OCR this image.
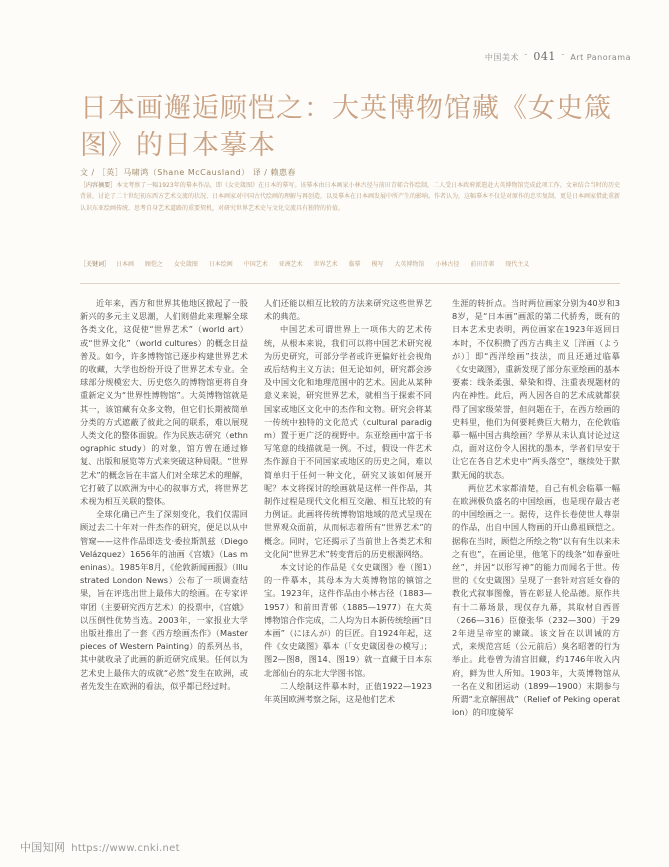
中国美术 ¯ 041 ¯ Art Panorama
日本画邂逅顾恺之：大英博物馆藏《女史箴图》的日本摹本
文 / ［英］马啸鸿（Shane McCausland） 译 / 赖惠春

［内容摘要］本文考察了一幅1923年的摹本作品，即《女史箴图》在日本的摹写。该摹本由日本画家小林古径与前田青邨合作绘制，二人受日本政府派遣赴大英博物馆完成此项工作。文章结合当时的历史背景，讨论了二十世纪初东西方艺术交流的状况、日本画家对中国古代绘画的理解与再创造，以及摹本在日本画发展中所产生的影响。作者认为，这幅摹本不仅是对原作的忠实复制，更是日本画家借此重新认识东亚绘画传统、思考自身艺术道路的重要契机，对研究世界艺术史与文化交流具有独特的价值。

［关键词］ 日本画 顾恺之 女史箴图 日本绘画 中国艺术 亚洲艺术 世界艺术 临摹 模写 大英博物馆 小林古径 前田青邨 现代主义

近年来，西方和世界其他地区掀起了一股新兴的多元主义思潮，人们则借此来理解全球各类文化，这促使“世界艺术”（world art）或“世界文化”（world cultures）的概念日益普及。如今，许多博物馆已逐步构建世界艺术的收藏，大学也纷纷开设了世界艺术专业。全球部分规模宏大、历史悠久的博物馆更将自身重新定义为“世界性博物馆”。大英博物馆就是其一，该馆藏有众多文物，但它们长期被简单分类的方式遮蔽了彼此之间的联系，难以展现人类文化的整体面貌。作为民族志研究（ethnographic study）的对象，馆方曾在通过修复、出版和展览等方式来突破这种局限。“世界艺术”的概念旨在丰富人们对全球艺术的理解，它打破了以欧洲为中心的叙事方式，将世界艺术视为相互关联的整体。

全球化确已产生了深刻变化，我们仅需回顾过去二十年对一件杰作的研究，便足以从中管窥——这件作品即迭戈·委拉斯凯兹（Diego Velázquez）1656年的油画《宫娥》（Las meninas）。1985年8月，《伦敦新闻画报》（Illustrated London News）公布了一项调查结果，旨在评选出世上最伟大的绘画。在专家评审团（主要研究西方艺术）的投票中，《宫娥》以压倒性优势当选。2003年，一家报业大学出版社推出了一套《西方绘画杰作》（Masterpieces of Western Painting）的系列丛书，其中就收录了此画的新近研究成果。任何以为艺术史上最伟大的成就“必然”发生在欧洲，或者先发生在欧洲的看法，似乎都已经过时。

人们还能以相互比较的方法来研究这些世界艺术的典范。

中国艺术可谓世界上一项伟大的艺术传统，从根本来说，我们可以将中国艺术研究视为历史研究，可部分学者或许更偏好社会视角或后结构主义方法；但无论如何，研究都会涉及中国文化和地理范围中的艺术。因此从某种意义来说，研究世界艺术，就相当于探索不同国家或地区文化中的杰作和文物。研究会将某一传统中独特的文化范式（cultural paradigm）置于更广泛的视野中。东亚绘画中富于书写笔意的线描就是一例。不过，假设一件艺术杰作源自于不同国家或地区的历史之间，难以简单归于任何一种文化，研究又该如何展开呢？本文将探讨的绘画就是这样一件作品，其制作过程是现代文化相互交融、相互比较的有力例证。此画将传统博物馆地域的范式呈现在世界观众面前，从而标志着所有“世界艺术”的概念。同时，它还揭示了当前世上各类艺术和文化间“世界艺术”转变背后的历史根源网络。

本文讨论的作品是《女史箴图》卷（图1）的一件摹本，其母本为大英博物馆的镇馆之宝。1923年，这件作品由小林古径（1883—1957）和前田青邨（1885—1977）在大英博物馆合作完成，二人均为日本新传统绘画“日本画”（にほんが）的巨匠。自1924年起，这件《女史箴图》摹本（「女史箴図巻の模写」；图2—图8，图14、图19）就一直藏于日本东北部仙台的东北大学图书馆。

二人绘制这件摹本时，正值1922—1923年英国欧洲考察之际，这是他们艺术

生涯的转折点。当时两位画家分别为40岁和38岁，是“日本画”画派的第二代骄秀，既有的日本艺术史表明，两位画家在1923年返回日本时，不仅积攒了西方古典主义［洋画（ようが）］即“西洋绘画”技法，而且还通过临摹《女史箴图》，重新发现了部分东亚绘画的基本要素：线条柔强、晕染和得、注重表现题材的内在神性。此后，两人因各自的艺术成就都获得了国家级荣誉，但问题在于，在西方绘画的史料里，他们为何要耗费巨大精力，在伦敦临摹一幅中国古典绘画？学界从未认真讨论过这点，面对这份令人困扰的墨本，学者们早安于让它在各自艺术史中“两头落空”，继续处于默默无闻的状态。

两位艺术家都清楚，自己有机会临摹一幅在欧洲极负盛名的中国绘画，也是现存最古老的中国绘画之一。据传，这件长卷使世人尊崇的作品，出自中国人物画的开山鼻祖顾恺之。据称在当时，顾恺之所绘之物“以有有生以来未之有也”，在画论里，他笔下的线条“如春蚕吐丝”，并因“以形写神”的能力而闻名于世。传世的《女史箴图》呈现了一套针对宫廷女眷的教化式叙事图像，皆在彰显人伦品德。原作共有十二幕场景，现仅存九幕，其取材自西晋（266—316）臣僚张华（232—300）于292年进呈帝室的谏箴。该文旨在以训诫的方式，来规范宫廷（公元前后）臭名昭著的行为举止。此卷曾为清宫旧藏，约1746年收入内府，鲜为世人所知。1903年，大英博物馆从一名在义和团运动（1899—1900）末期参与所谓“北京解围战”（Relief of Peking operation）的印度骑军

中国知网 https://www.cnki.net
